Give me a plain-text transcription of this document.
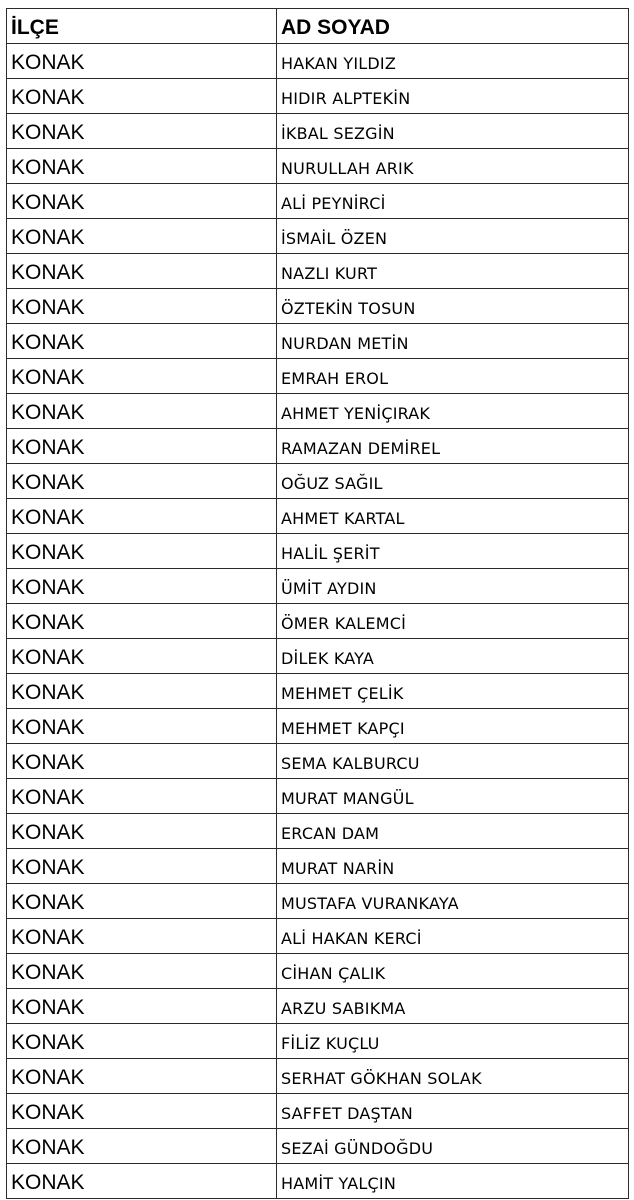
İLÇE	AD SOYAD
KONAK	HAKAN YILDIZ
KONAK	HIDIR ALPTEKİN
KONAK	İKBAL SEZGİN
KONAK	NURULLAH ARIK
KONAK	ALİ PEYNİRCİ
KONAK	İSMAİL ÖZEN
KONAK	NAZLI KURT
KONAK	ÖZTEKİN TOSUN
KONAK	NURDAN METİN
KONAK	EMRAH EROL
KONAK	AHMET YENİÇIRAK
KONAK	RAMAZAN DEMİREL
KONAK	OĞUZ SAĞIL
KONAK	AHMET KARTAL
KONAK	HALİL ŞERİT
KONAK	ÜMİT AYDIN
KONAK	ÖMER KALEMCİ
KONAK	DİLEK KAYA
KONAK	MEHMET ÇELİK
KONAK	MEHMET KAPÇI
KONAK	SEMA KALBURCU
KONAK	MURAT MANGÜL
KONAK	ERCAN DAM
KONAK	MURAT NARİN
KONAK	MUSTAFA VURANKAYA
KONAK	ALİ HAKAN KERCİ
KONAK	CİHAN ÇALIK
KONAK	ARZU SABIKMA
KONAK	FİLİZ KUÇLU
KONAK	SERHAT GÖKHAN SOLAK
KONAK	SAFFET DAŞTAN
KONAK	SEZAİ GÜNDOĞDU
KONAK	HAMİT YALÇIN
